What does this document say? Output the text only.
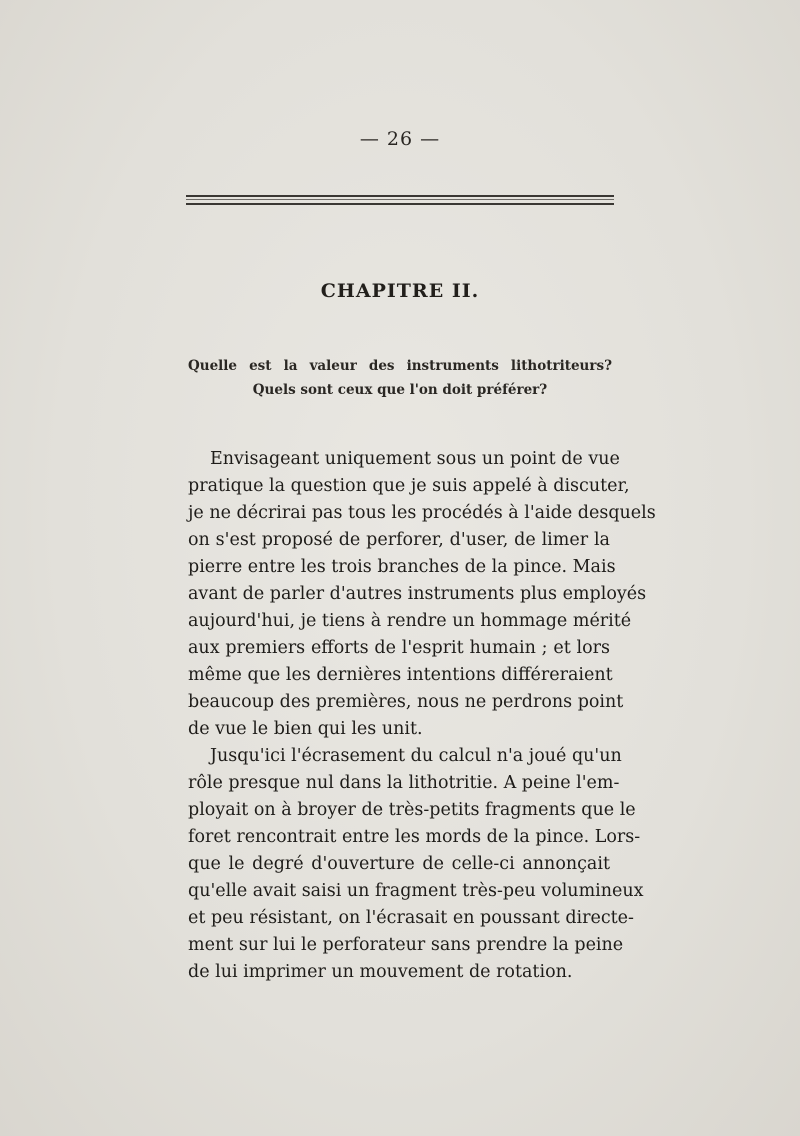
— 26 —
CHAPITRE II.
Quelle est la valeur des instruments lithotriteurs? Quels sont ceux que l'on doit préférer?
Envisageant uniquement sous un point de vue
pratique la question que je suis appelé à discuter,
je ne décrirai pas tous les procédés à l'aide desquels
on s'est proposé de perforer, d'user, de limer la
pierre entre les trois branches de la pince. Mais
avant de parler d'autres instruments plus employés
aujourd'hui, je tiens à rendre un hommage mérité
aux premiers efforts de l'esprit humain ; et lors
même que les dernières intentions différeraient
beaucoup des premières, nous ne perdrons point
de vue le bien qui les unit.
Jusqu'ici l'écrasement du calcul n'a joué qu'un
rôle presque nul dans la lithotritie. A peine l'em-
ployait on à broyer de très-petits fragments que le
foret rencontrait entre les mords de la pince. Lors-
que le degré d'ouverture de celle-ci annonçait
qu'elle avait saisi un fragment très-peu volumineux
et peu résistant, on l'écrasait en poussant directe-
ment sur lui le perforateur sans prendre la peine
de lui imprimer un mouvement de rotation.
